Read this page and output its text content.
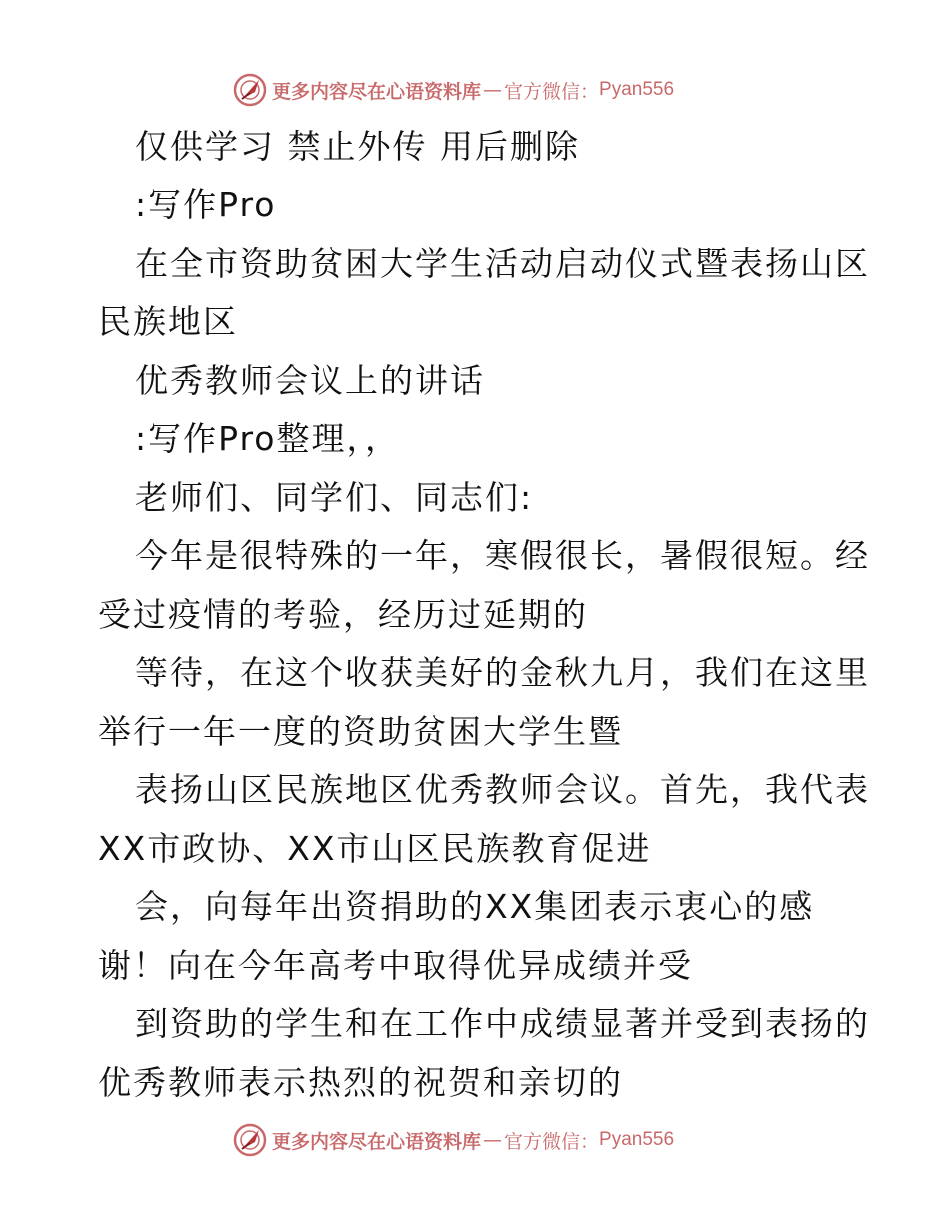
更多内容尽在心语资料库 — 官方微信： Pyan556
仅供学习 禁止外传 用后删除
:写作Pro
在全市资助贫困大学生活动启动仪式暨表扬山区
民族地区
优秀教师会议上的讲话
:写作Pro整理，，
老师们、同学们、同志们:
今年是很特殊的一年，寒假很长，暑假很短。经
受过疫情的考验，经历过延期的
等待，在这个收获美好的金秋九月，我们在这里
举行一年一度的资助贫困大学生暨
表扬山区民族地区优秀教师会议。首先，我代表
XX市政协、XX市山区民族教育促进
会，向每年出资捐助的XX集团表示衷心的感
谢！向在今年高考中取得优异成绩并受
到资助的学生和在工作中成绩显著并受到表扬的
优秀教师表示热烈的祝贺和亲切的
更多内容尽在心语资料库 — 官方微信： Pyan556
